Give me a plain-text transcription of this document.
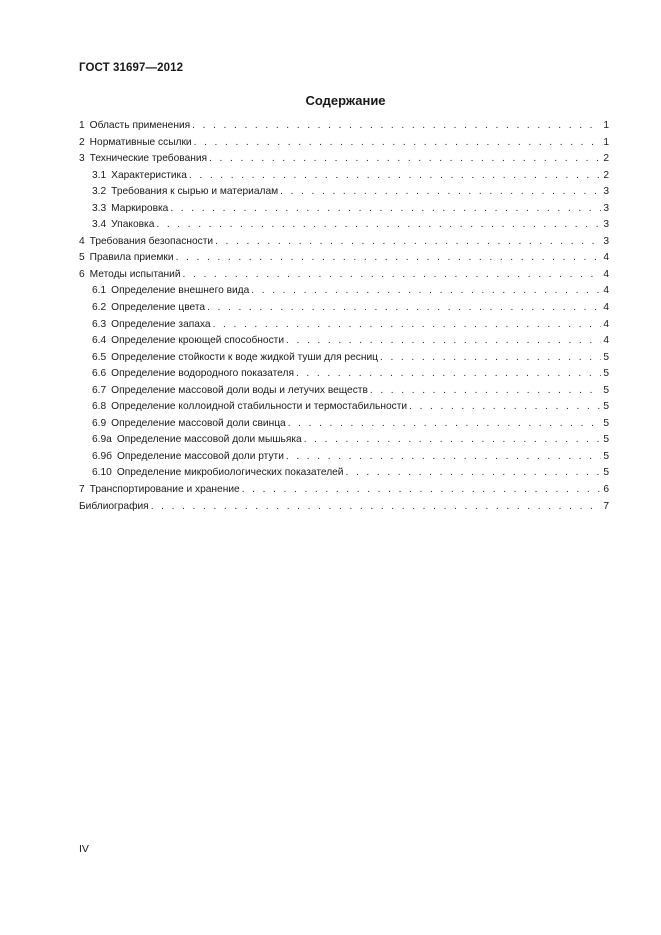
ГОСТ 31697—2012
Содержание
1 Область применения . . .	1
2 Нормативные ссылки . . .	1
3 Технические требования . . .	2
3.1 Характеристика . . .	2
3.2 Требования к сырью и материалам . . .	3
3.3 Маркировка . . .	3
3.4 Упаковка . . .	3
4 Требования безопасности . . .	3
5 Правила приемки . . .	4
6 Методы испытаний . . .	4
6.1 Определение внешнего вида . . .	4
6.2 Определение цвета . . .	4
6.3 Определение запаха . . .	4
6.4 Определение кроющей способности . . .	4
6.5 Определение стойкости к воде жидкой туши для ресниц . . .	5
6.6 Определение водородного показателя . . .	5
6.7 Определение массовой доли воды и летучих веществ . . .	5
6.8 Определение коллоидной стабильности и термостабильности . . .	5
6.9 Определение массовой доли свинца . . .	5
6.9а Определение массовой доли мышьяка . . .	5
6.9б Определение массовой доли ртути . . .	5
6.10 Определение микробиологических показателей . . .	5
7 Транспортирование и хранение . . .	6
Библиография . . .	7
IV
